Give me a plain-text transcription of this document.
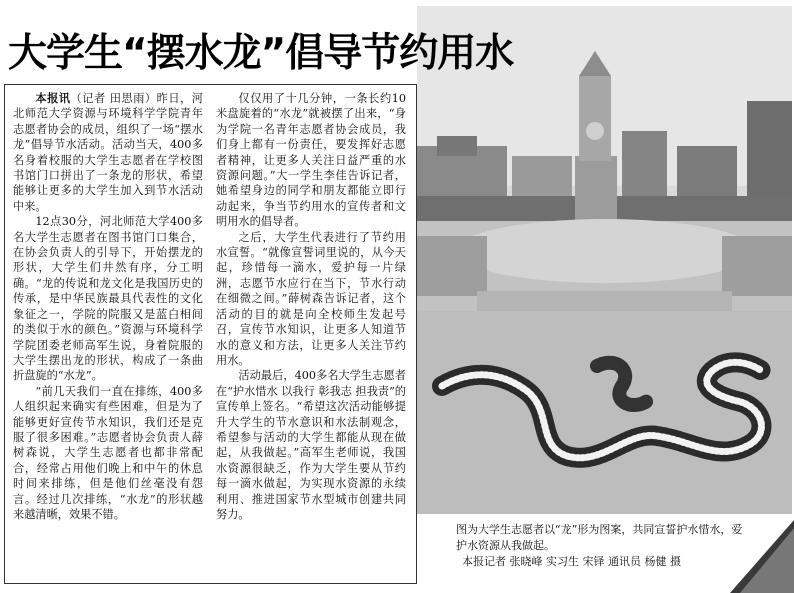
大学生“摆水龙”倡导节约用水

本报讯（记者 田思雨）昨日，河北师范大学资源与环境科学学院青年志愿者协会的成员，组织了一场“摆水龙”倡导节水活动。活动当天，400多名身着校服的大学生志愿者在学校图书馆门口拼出了一条龙的形状，希望能够让更多的大学生加入到节水活动中来。

12点30分，河北师范大学400多名大学生志愿者在图书馆门口集合，在协会负责人的引导下，开始摆龙的形状，大学生们井然有序，分工明确。“龙的传说和龙文化是我国历史的传承，是中华民族最具代表性的文化象征之一，学院的院服又是蓝白相间的类似于水的颜色。”资源与环境科学学院团委老师高军生说，身着院服的大学生摆出龙的形状，构成了一条曲折盘旋的“水龙”。

“前几天我们一直在排练，400多人组织起来确实有些困难，但是为了能够更好宣传节水知识，我们还是克服了很多困难。”志愿者协会负责人薛树森说，大学生志愿者也都非常配合，经常占用他们晚上和中午的休息时间来排练，但是他们丝毫没有怨言。经过几次排练，“水龙”的形状越来越清晰，效果不错。

仅仅用了十几分钟，一条长约10米盘旋着的“水龙”就被摆了出来，“身为学院一名青年志愿者协会成员，我们身上都有一份责任，要发挥好志愿者精神，让更多人关注日益严重的水资源问题。”大一学生李佳告诉记者，她希望身边的同学和朋友都能立即行动起来，争当节约用水的宣传者和文明用水的倡导者。

之后，大学生代表进行了节约用水宣誓。“就像宣誓词里说的，从今天起，珍惜每一滴水，爱护每一片绿洲，志愿节水应行在当下，节水行动在细微之间。”薛树森告诉记者，这个活动的目的就是向全校师生发起号召，宣传节水知识，让更多人知道节水的意义和方法，让更多人关注节约用水。

活动最后，400多名大学生志愿者在“护水惜水 以我行 彰我志 担我责”的宣传单上签名。“希望这次活动能够提升大学生的节水意识和水法制观念，希望参与活动的大学生都能从现在做起，从我做起。”高军生老师说，我国水资源很缺乏，作为大学生要从节约每一滴水做起，为实现水资源的永续利用、推进国家节水型城市创建共同努力。

图为大学生志愿者以“龙”形为图案，共同宣誓护水惜水，爱护水资源从我做起。
本报记者 张晓峰 实习生 宋铎 通讯员 杨健 摄	楼
